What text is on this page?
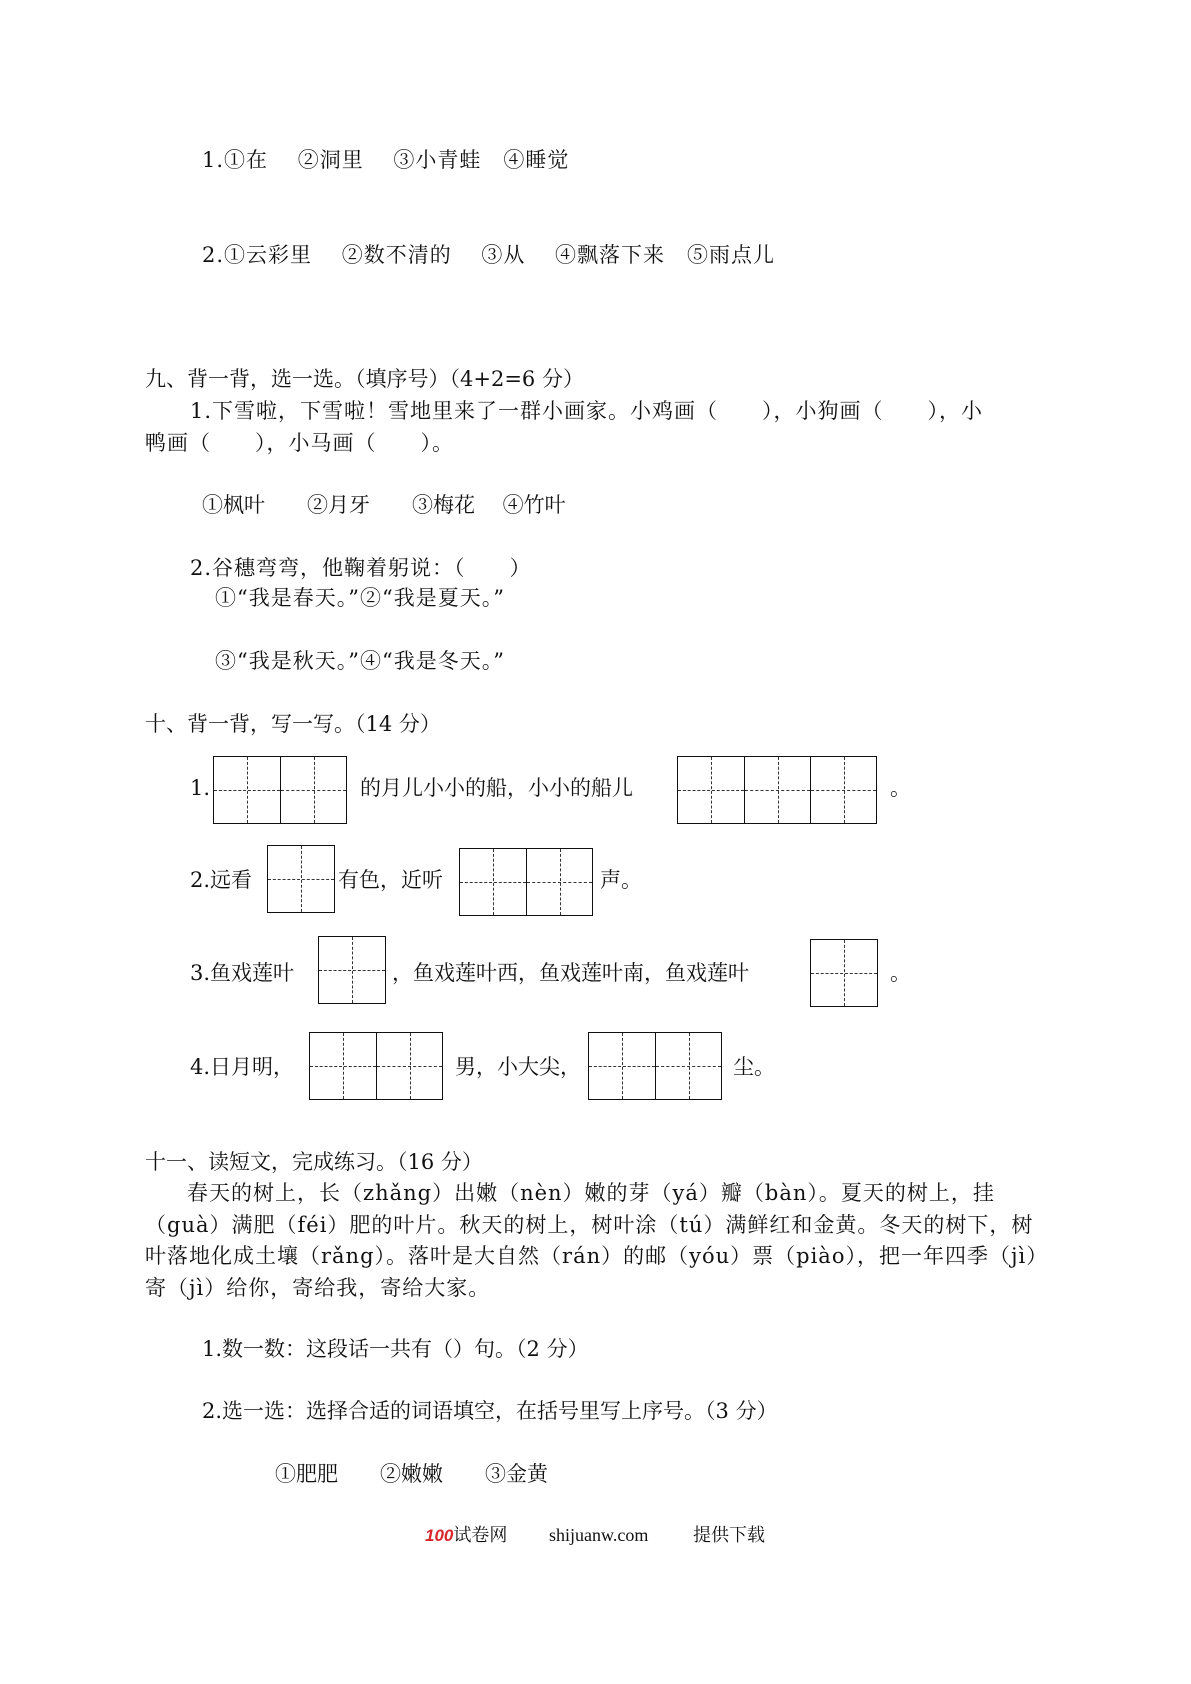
1.①在　 ②洞里　 ③小青蛙　④睡觉
2.①云彩里　 ②数不清的　 ③从　 ④飘落下来　⑤雨点儿
九、背一背，选一选。（填序号）（4+2=6 分）
1.下雪啦，下雪啦！雪地里来了一群小画家。小鸡画（　　），小狗画（　　），小
鸭画（　　），小马画（　　）。
①枫叶　　②月牙　　③梅花　 ④竹叶
2.谷穗弯弯，他鞠着躬说：（　　）
①“我是春天。”②“我是夏天。”
③“我是秋天。”④“我是冬天。”
十、背一背，写一写。（14 分）
1.	的月儿小小的船，小小的船儿	。
2.远看	有色，近听	声。
3.鱼戏莲叶	，鱼戏莲叶西，鱼戏莲叶南，鱼戏莲叶	。
4.日月明，	男，小大尖，	尘。
十一、读短文，完成练习。（16 分）
春天的树上，长（zhǎng）出嫩（nèn）嫩的芽（yá）瓣（bàn）。夏天的树上，挂（guà）满肥（féi）肥的叶片。秋天的树上，树叶涂（tú）满鲜红和金黄。冬天的树下，树叶落地化成土壤（rǎng）。落叶是大自然（rán）的邮（yóu）票（piào），把一年四季（jì）寄（jì）给你，寄给我，寄给大家。
1.数一数：这段话一共有（）句。（2 分）
2.选一选：选择合适的词语填空，在括号里写上序号。（3 分）
①肥肥　　②嫩嫩　　③金黄
100试卷网 shijuanw.com 提供下载
